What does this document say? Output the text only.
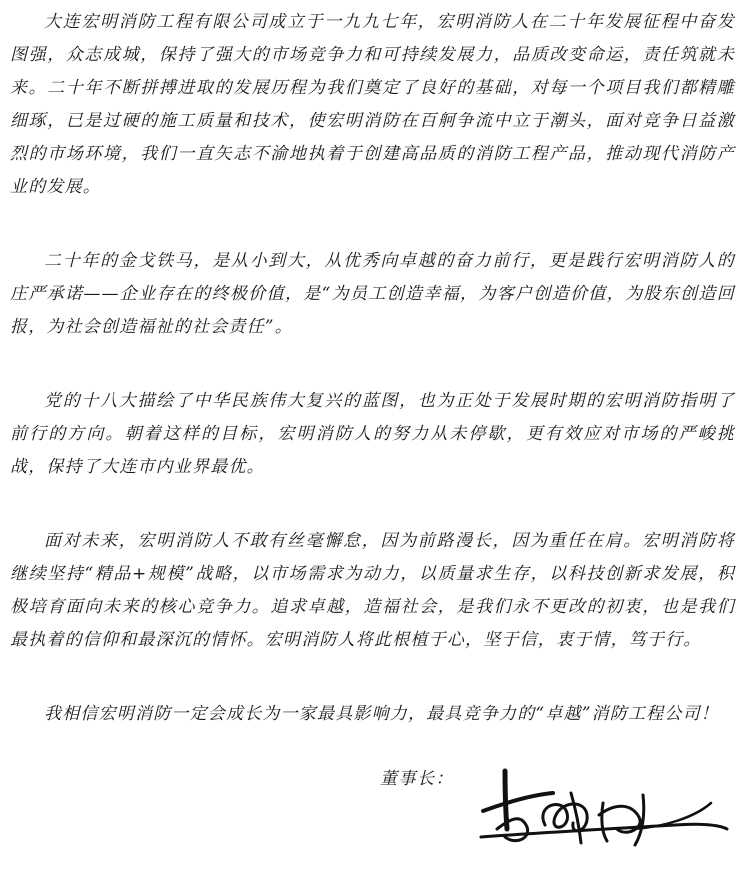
大连宏明消防工程有限公司成立于一九九七年，宏明消防人在二十年发展征程中奋发图强，众志成城，保持了强大的市场竞争力和可持续发展力，品质改变命运，责任筑就未来。二十年不断拼搏进取的发展历程为我们奠定了良好的基础，对每一个项目我们都精雕细琢，已是过硬的施工质量和技术，使宏明消防在百舸争流中立于潮头，面对竞争日益激烈的市场环境，我们一直矢志不渝地执着于创建高品质的消防工程产品，推动现代消防产业的发展。

二十年的金戈铁马，是从小到大，从优秀向卓越的奋力前行，更是践行宏明消防人的庄严承诺——企业存在的终极价值，是“为员工创造幸福，为客户创造价值，为股东创造回报，为社会创造福祉的社会责任”。

党的十八大描绘了中华民族伟大复兴的蓝图，也为正处于发展时期的宏明消防指明了前行的方向。朝着这样的目标，宏明消防人的努力从未停歇，更有效应对市场的严峻挑战，保持了大连市内业界最优。

面对未来，宏明消防人不敢有丝毫懈怠，因为前路漫长，因为重任在肩。宏明消防将继续坚持“精品+规模”战略，以市场需求为动力，以质量求生存，以科技创新求发展，积极培育面向未来的核心竞争力。追求卓越，造福社会，是我们永不更改的初衷，也是我们最执着的信仰和最深沉的情怀。宏明消防人将此根植于心，坚于信，衷于情，笃于行。

我相信宏明消防一定会成长为一家最具影响力，最具竞争力的“卓越”消防工程公司！

董事长：
